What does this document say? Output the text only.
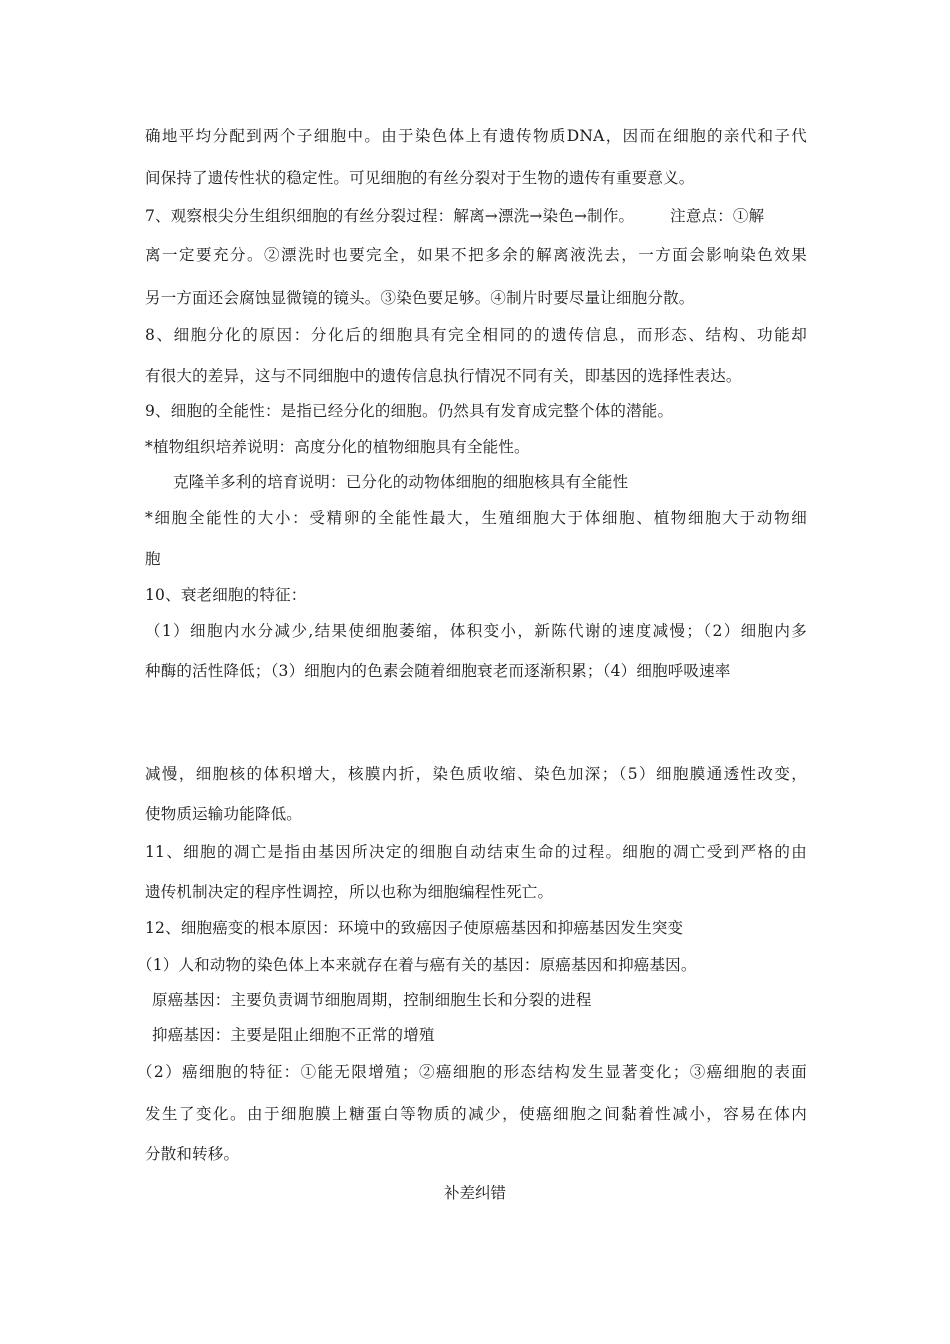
确地平均分配到两个子细胞中。由于染色体上有遗传物质DNA，因而在细胞的亲代和子代
间保持了遗传性状的稳定性。可见细胞的有丝分裂对于生物的遗传有重要意义。
7、观察根尖分生组织细胞的有丝分裂过程：解离→漂洗→染色→制作。       注意点：①解
离一定要充分。②漂洗时也要完全，如果不把多余的解离液洗去，一方面会影响染色效果
另一方面还会腐蚀显微镜的镜头。③染色要足够。④制片时要尽量让细胞分散。
8、细胞分化的原因：分化后的细胞具有完全相同的的遗传信息，而形态、结构、功能却
有很大的差异，这与不同细胞中的遗传信息执行情况不同有关，即基因的选择性表达。
9、细胞的全能性：是指已经分化的细胞。仍然具有发育成完整个体的潜能。
*植物组织培养说明：高度分化的植物细胞具有全能性。
克隆羊多利的培育说明：已分化的动物体细胞的细胞核具有全能性
*细胞全能性的大小：受精卵的全能性最大，生殖细胞大于体细胞、植物细胞大于动物细
胞
10、衰老细胞的特征：
（1）细胞内水分减少,结果使细胞萎缩，体积变小，新陈代谢的速度减慢；（2）细胞内多
种酶的活性降低；（3）细胞内的色素会随着细胞衰老而逐渐积累；（4）细胞呼吸速率
减慢，细胞核的体积增大，核膜内折，染色质收缩、染色加深；（5）细胞膜通透性改变，
使物质运输功能降低。
11、细胞的凋亡是指由基因所决定的细胞自动结束生命的过程。细胞的凋亡受到严格的由
遗传机制决定的程序性调控，所以也称为细胞编程性死亡。
12、细胞癌变的根本原因：环境中的致癌因子使原癌基因和抑癌基因发生突变
（1）人和动物的染色体上本来就存在着与癌有关的基因：原癌基因和抑癌基因。
原癌基因：主要负责调节细胞周期，控制细胞生长和分裂的进程
抑癌基因：主要是阻止细胞不正常的增殖
（2）癌细胞的特征：①能无限增殖；②癌细胞的形态结构发生显著变化；③癌细胞的表面
发生了变化。由于细胞膜上糖蛋白等物质的减少，使癌细胞之间黏着性减小，容易在体内
分散和转移。
补差纠错
